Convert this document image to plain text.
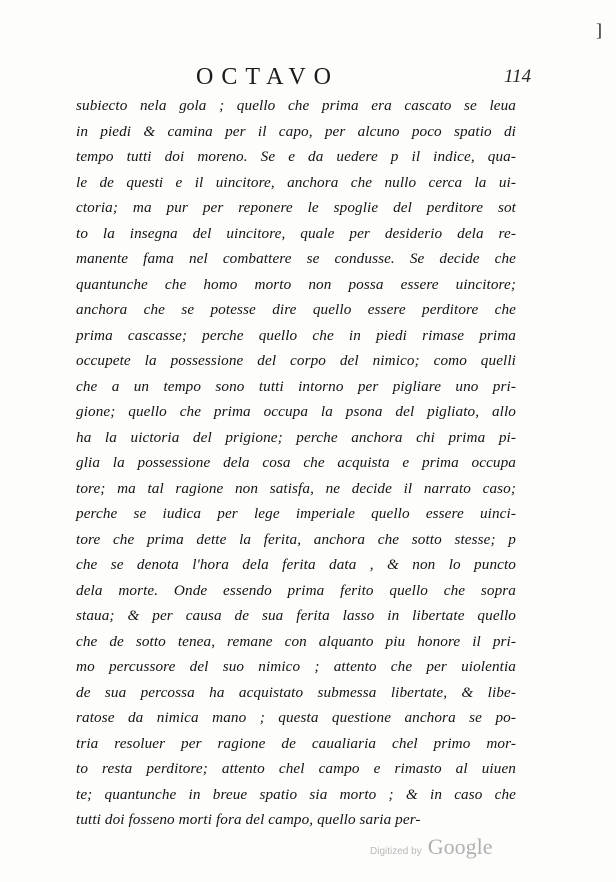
]
OCTAVO	114
subiecto nela gola ; quello che prima era cascato se leua
in piedi & camina per il capo, per alcuno poco spatio di
tempo tutti doi moreno. Se e da uedere p il indice, qua-
le de questi e il uincitore, anchora che nullo cerca la ui-
ctoria; ma pur per reponere le spoglie del perditore sot
to la insegna del uincitore, quale per desiderio dela re-
manente fama nel combattere se condusse. Se decide che
quantunche che homo morto non possa essere uincitore;
anchora che se potesse dire quello essere perditore che
prima cascasse; perche quello che in piedi rimase prima
occupete la possessione del corpo del nimico; como quelli
che a un tempo sono tutti intorno per pigliare uno pri-
gione; quello che prima occupa la psona del pigliato, allo
ha la uictoria del prigione; perche anchora chi prima pi-
glia la possessione dela cosa che acquista e prima occupa
tore; ma tal ragione non satisfa, ne decide il narrato caso;
perche se iudica per lege imperiale quello essere uinci-
tore che prima dette la ferita, anchora che sotto stesse; p
che se denota l'hora dela ferita data , & non lo puncto
dela morte. Onde essendo prima ferito quello che sopra
staua; & per causa de sua ferita lasso in libertate quello
che de sotto tenea, remane con alquanto piu honore il pri-
mo percussore del suo nimico ; attento che per uiolentia
de sua percossa ha acquistato submessa libertate, & libe-
ratose da nimica mano ; questa questione anchora se po-
tria resoluer per ragione de caualiaria chel primo mor-
to resta perditore; attento chel campo e rimasto al uiuen
te; quantunche in breue spatio sia morto ; & in caso che
tutti doi fosseno morti fora del campo, quello saria per-
Digitized by Google
